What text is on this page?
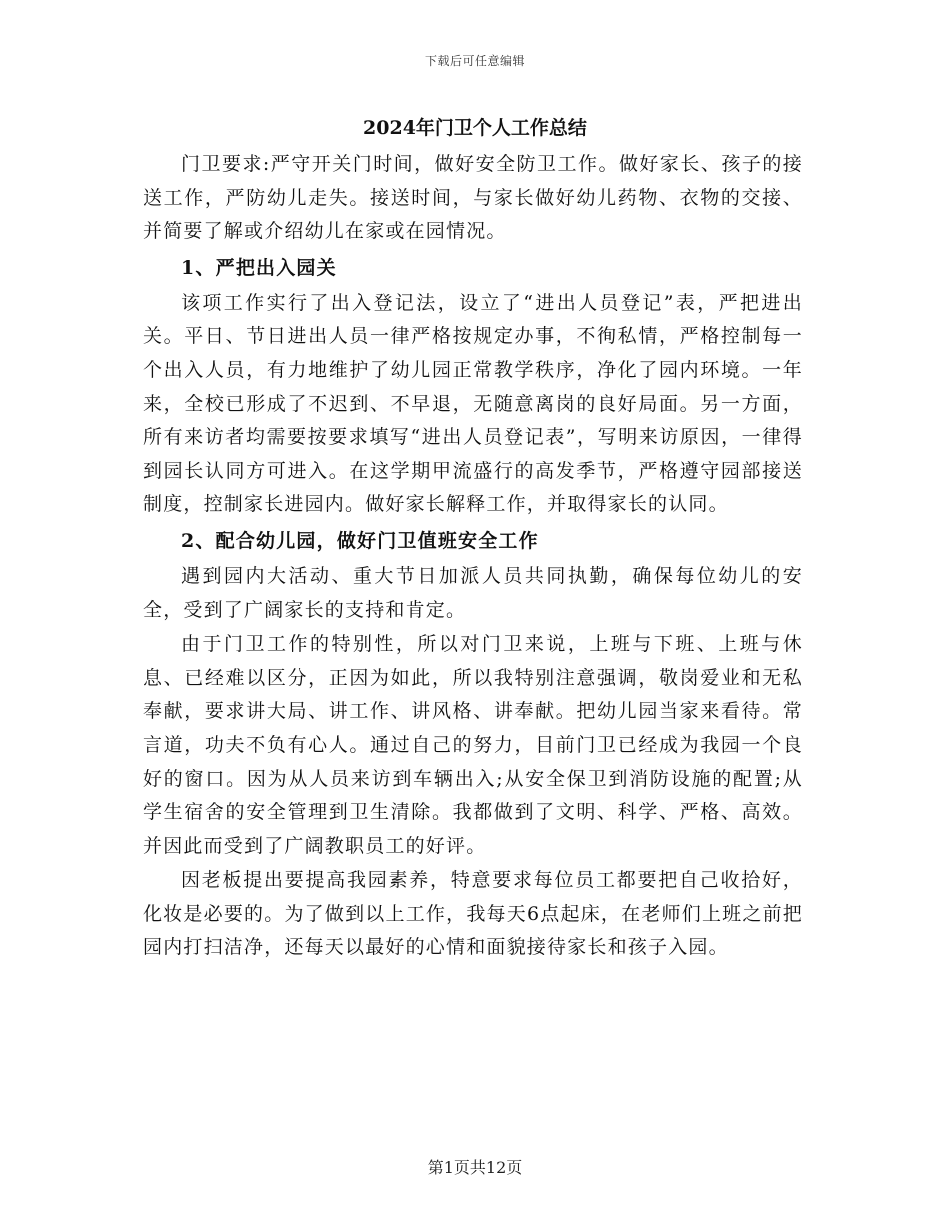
下载后可任意编辑
2024年门卫个人工作总结

门卫要求:严守开关门时间，做好安全防卫工作。做好家长、孩子的接送工作，严防幼儿走失。接送时间，与家长做好幼儿药物、衣物的交接、并简要了解或介绍幼儿在家或在园情况。

1、严把出入园关

该项工作实行了出入登记法，设立了“进出人员登记”表，严把进出关。平日、节日进出人员一律严格按规定办事，不徇私情，严格控制每一个出入人员，有力地维护了幼儿园正常教学秩序，净化了园内环境。一年来，全校已形成了不迟到、不早退，无随意离岗的良好局面。另一方面，所有来访者均需要按要求填写“进出人员登记表”，写明来访原因，一律得到园长认同方可进入。在这学期甲流盛行的高发季节，严格遵守园部接送制度，控制家长进园内。做好家长解释工作，并取得家长的认同。

2、配合幼儿园，做好门卫值班安全工作

遇到园内大活动、重大节日加派人员共同执勤，确保每位幼儿的安全，受到了广阔家长的支持和肯定。

由于门卫工作的特别性，所以对门卫来说，上班与下班、上班与休息、已经难以区分，正因为如此，所以我特别注意强调，敬岗爱业和无私奉献，要求讲大局、讲工作、讲风格、讲奉献。把幼儿园当家来看待。常言道，功夫不负有心人。通过自己的努力，目前门卫已经成为我园一个良好的窗口。因为从人员来访到车辆出入;从安全保卫到消防设施的配置;从学生宿舍的安全管理到卫生清除。我都做到了文明、科学、严格、高效。并因此而受到了广阔教职员工的好评。

因老板提出要提高我园素养，特意要求每位员工都要把自己收拾好，化妆是必要的。为了做到以上工作，我每天6点起床，在老师们上班之前把园内打扫洁净，还每天以最好的心情和面貌接待家长和孩子入园。

第1页共12页
